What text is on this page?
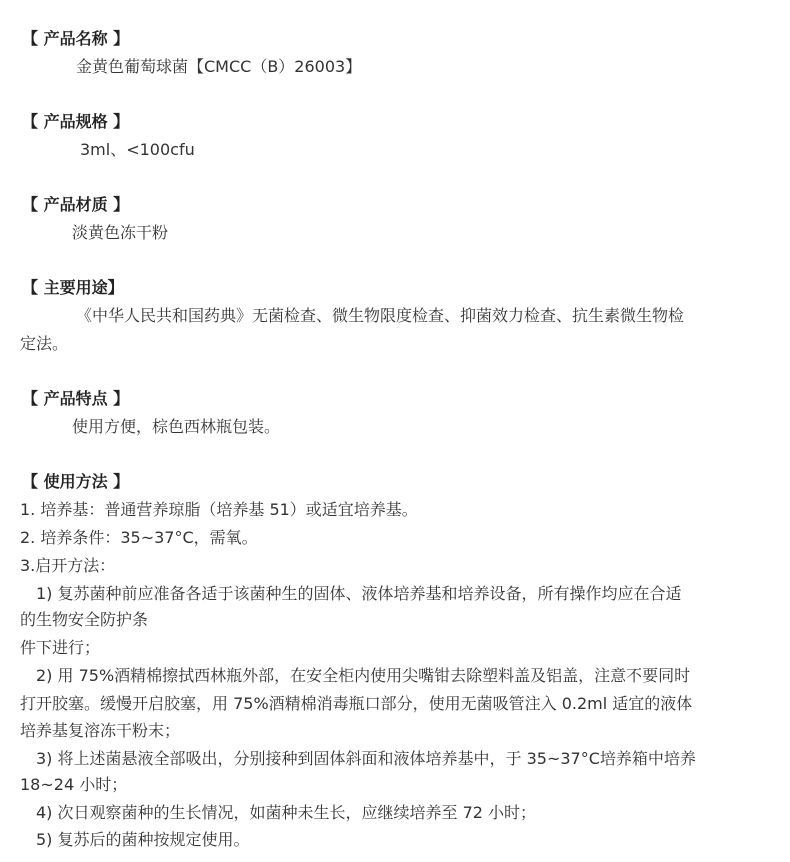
【 产品名称 】
金黄色葡萄球菌【CMCC（B）26003】
【 产品规格 】
3ml、<100cfu
【 产品材质 】
淡黄色冻干粉
【 主要用途】
《中华人民共和国药典》无菌检查、微生物限度检查、抑菌效力检查、抗生素微生物检
定法。
【 产品特点 】
使用方便，棕色西林瓶包装。
【 使用方法 】
1. 培养基：普通营养琼脂（培养基 51）或适宜培养基。
2. 培养条件：35~37°C，需氧。
3.启开方法：
1) 复苏菌种前应准备各适于该菌种生的固体、液体培养基和培养设备，所有操作均应在合适
的生物安全防护条
件下进行；
2) 用 75%酒精棉擦拭西林瓶外部，在安全柜内使用尖嘴钳去除塑料盖及铝盖，注意不要同时
打开胶塞。缓慢开启胶塞，用 75%酒精棉消毒瓶口部分，使用无菌吸管注入 0.2ml 适宜的液体
培养基复溶冻干粉末；
3) 将上述菌悬液全部吸出，分别接种到固体斜面和液体培养基中，于 35~37°C培养箱中培养
18~24 小时；
4) 次日观察菌种的生长情况，如菌种未生长，应继续培养至 72 小时；
5) 复苏后的菌种按规定使用。
